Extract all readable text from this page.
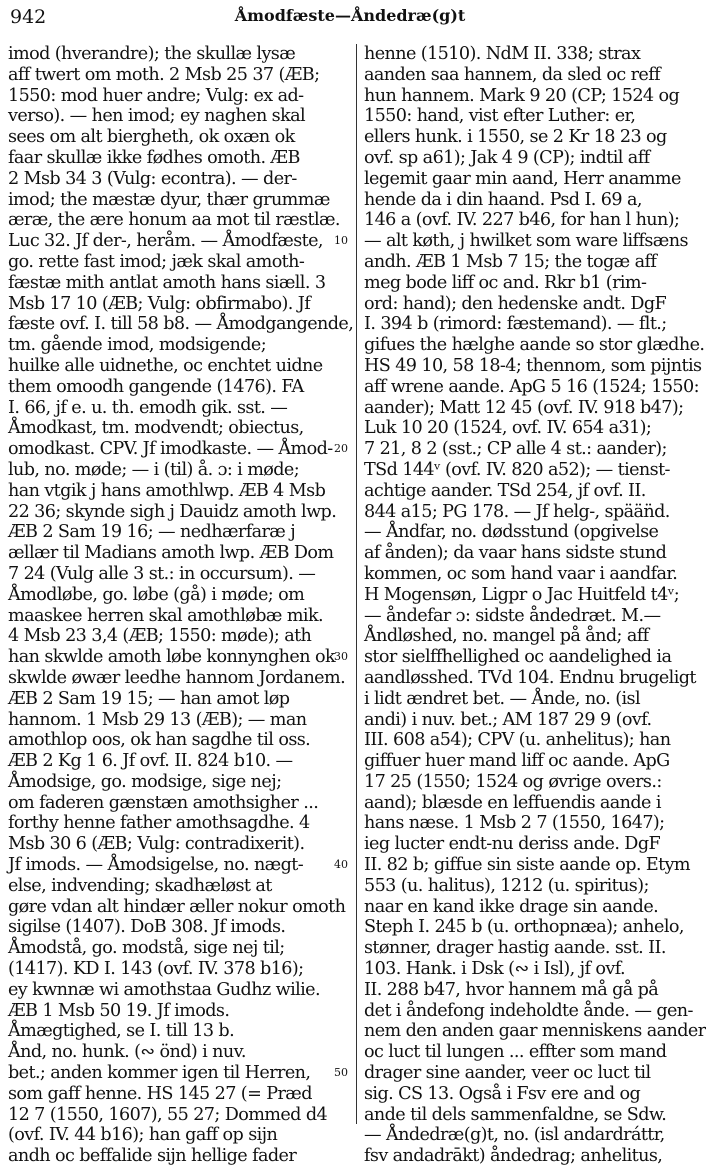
942	Åmodfæste—Åndedræ(g)t
imod (hverandre); the skullæ lysæ
aff twert om moth. 2 Msb 25 37 (ÆB;
1550: mod huer andre; Vulg: ex ad-
verso). — hen imod; ey naghen skal
sees om alt biergheth, ok oxæn ok
faar skullæ ikke fødhes omoth. ÆB
2 Msb 34 3 (Vulg: econtra). — der-
imod; the mæstæ dyur, thær grummæ
æræ, the ære honum aa mot til ræstlæ.
Luc 32. Jf der-, heråm. — Åmodfæste,
go. rette fast imod; jæk skal amoth-
fæstæ mith antlat amoth hans siæll. 3
Msb 17 10 (ÆB; Vulg: obfirmabo). Jf
fæste ovf. I. till 58 b8. — Åmodgangende,
tm. gående imod, modsigende;
huilke alle uidnethe, oc enchtet uidne
them omoodh gangende (1476). FA
I. 66, jf e. u. th. emodh gik. sst. —
Åmodkast, tm. modvendt; obiectus,
omodkast. CPV. Jf imodkaste. — Åmod-
lub, no. møde; — i (til) å. ɔ: i møde;
han vtgik j hans amothlwp. ÆB 4 Msb
22 36; skynde sigh j Dauidz amoth lwp.
ÆB 2 Sam 19 16; — nedhærfaræ j
ællær til Madians amoth lwp. ÆB Dom
7 24 (Vulg alle 3 st.: in occursum). —
Åmodløbe, go. løbe (gå) i møde; om
maaskee herren skal amothløbæ mik.
4 Msb 23 3,4 (ÆB; 1550: møde); ath
han skwlde amoth løbe konnynghen ok
skwlde øwær leedhe hannom Jordanem.
ÆB 2 Sam 19 15; — han amot løp
hannom. 1 Msb 29 13 (ÆB); — man
amothlop oos, ok han sagdhe til oss.
ÆB 2 Kg 1 6. Jf ovf. II. 824 b10. —
Åmodsige, go. modsige, sige nej;
om faderen gænstæn amothsigher ...
forthy henne father amothsagdhe. 4
Msb 30 6 (ÆB; Vulg: contradixerit).
Jf imods. — Åmodsigelse, no. nægt-
else, indvending; skadhæløst at
gøre vdan alt hindær æller nokur omoth
sigilse (1407). DoB 308. Jf imods.
Åmodstå, go. modstå, sige nej til;
(1417). KD I. 143 (ovf. IV. 378 b16);
ey kwnnæ wi amothstaa Gudhz wilie.
ÆB 1 Msb 50 19. Jf imods.
Åmægtighed, se I. till 13 b.
Ånd, no. hunk. (∾ önd) i nuv.
bet.; anden kommer igen til Herren,
som gaff henne. HS 145 27 (= Præd
12 7 (1550, 1607), 55 27; Dommed d4
(ovf. IV. 44 b16); han gaff op sijn
andh oc beffalide sijn hellige fader
10
20
30
40
50
henne (1510). NdM II. 338; strax
aanden saa hannem, da sled oc reff
hun hannem. Mark 9 20 (CP; 1524 og
1550: hand, vist efter Luther: er,
ellers hunk. i 1550, se 2 Kr 18 23 og
ovf. sp a61); Jak 4 9 (CP); indtil aff
legemit gaar min aand, Herr anamme
hende da i din haand. Psd I. 69 a,
146 a (ovf. IV. 227 b46, for han l hun);
— alt køth, j hwilket som ware liffsæns
andh. ÆB 1 Msb 7 15; the togæ aff
meg bode liff oc and. Rkr b1 (rim-
ord: hand); den hedenske andt. DgF
I. 394 b (rimord: fæstemand). — flt.;
gifues the hælghe aande so stor glædhe.
HS 49 10, 58 18-4; thennom, som pijntis
aff wrene aande. ApG 5 16 (1524; 1550:
aander); Matt 12 45 (ovf. IV. 918 b47);
Luk 10 20 (1524, ovf. IV. 654 a31);
7 21, 8 2 (sst.; CP alle 4 st.: aander);
TSd 144ᵛ (ovf. IV. 820 a52); — tienst-
achtige aander. TSd 254, jf ovf. II.
844 a15; PG 178. — Jf helg-, spään̈d.
— Åndfar, no. dødsstund (opgivelse
af ånden); da vaar hans sidste stund
kommen, oc som hand vaar i aandfar.
H Mogensøn, Ligpr o Jac Huitfeld t4ᵛ;
— åndefar ɔ: sidste åndedræt. M.—
Åndløshed, no. mangel på ånd; aff
stor sielffhellighed oc aandelighed ia
aandløsshed. TVd 104. Endnu brugeligt
i lidt ændret bet. — Ånde, no. (isl
andi) i nuv. bet.; AM 187 29 9 (ovf.
III. 608 a54); CPV (u. anhelitus); han
giffuer huer mand liff oc aande. ApG
17 25 (1550; 1524 og øvrige overs.:
aand); blæsde en leffuendis aande i
hans næse. 1 Msb 2 7 (1550, 1647);
ieg lucter endt-nu deriss ande. DgF
II. 82 b; giffue sin siste aande op. Etym
553 (u. halitus), 1212 (u. spiritus);
naar en kand ikke drage sin aande.
Steph I. 245 b (u. orthopnæa); anhelo,
stønner, drager hastig aande. sst. II.
103. Hank. i Dsk (∾ i Isl), jf ovf.
II. 288 b47, hvor hannem må gå på
det i åndefong indeholdte ånde. — gen-
nem den anden gaar menniskens aander
oc luct til lungen ... effter som mand
drager sine aander, veer oc luct til
sig. CS 13. Også i Fsv ere and og
ande til dels sammenfaldne, se Sdw.
— Åndedræ(g)t, no. (isl andardráttr,
fsv andadrākt) åndedrag; anhelitus,
